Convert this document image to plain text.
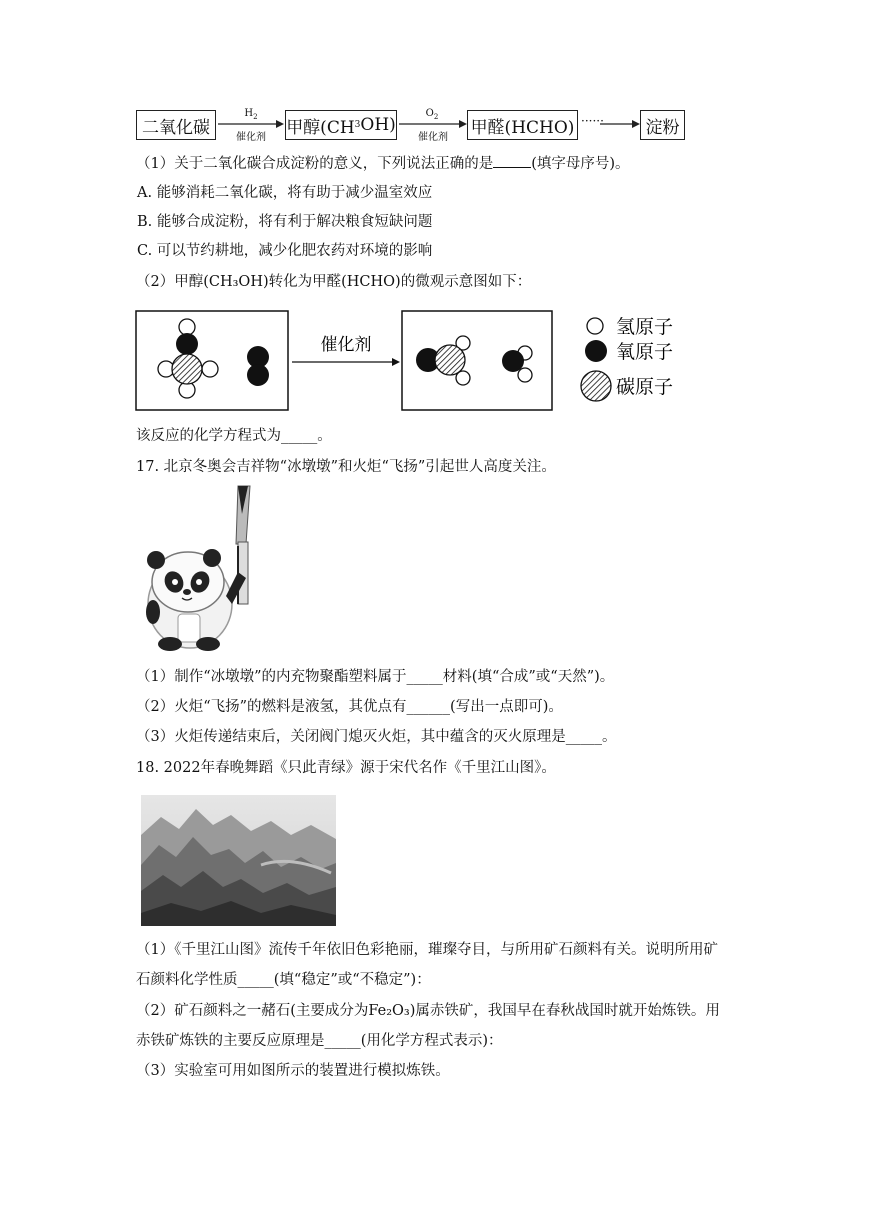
二氧化碳
$H_2$
催化剂	甲醇(CH 3 OH)
$O_2$
催化剂	甲醛(HCHO) ······ 淀粉
（1）关于二氧化碳合成淀粉的意义，下列说法正确的是	(填字母序号)。
A. 能够消耗二氧化碳，将有助于减少温室效应
B. 能够合成淀粉，将有利于解决粮食短缺问题
C. 可以节约耕地，减少化肥农药对环境的影响
（2）甲醇(CH₃OH)转化为甲醛(HCHO)的微观示意图如下：
催化剂
氢原子
氧原子
碳原子
该反应的化学方程式为_____。
17. 北京冬奥会吉祥物“冰墩墩”和火炬“飞扬”引起世人高度关注。
（1）制作“冰墩墩”的内充物聚酯塑料属于_____材料(填“合成”或“天然”)。
（2）火炬“飞扬”的燃料是液氢，其优点有______(写出一点即可)。
（3）火炬传递结束后，关闭阀门熄灭火炬，其中蕴含的灭火原理是_____。
18. 2022年春晚舞蹈《只此青绿》源于宋代名作《千里江山图》。
（1）《千里江山图》流传千年依旧色彩艳丽，璀璨夺目，与所用矿石颜料有关。说明所用矿
石颜料化学性质_____(填“稳定”或“不稳定”)：
（2）矿石颜料之一赭石(主要成分为Fe₂O₃)属赤铁矿，我国早在春秋战国时就开始炼铁。用
赤铁矿炼铁的主要反应原理是_____(用化学方程式表示)：
（3）实验室可用如图所示的装置进行模拟炼铁。
